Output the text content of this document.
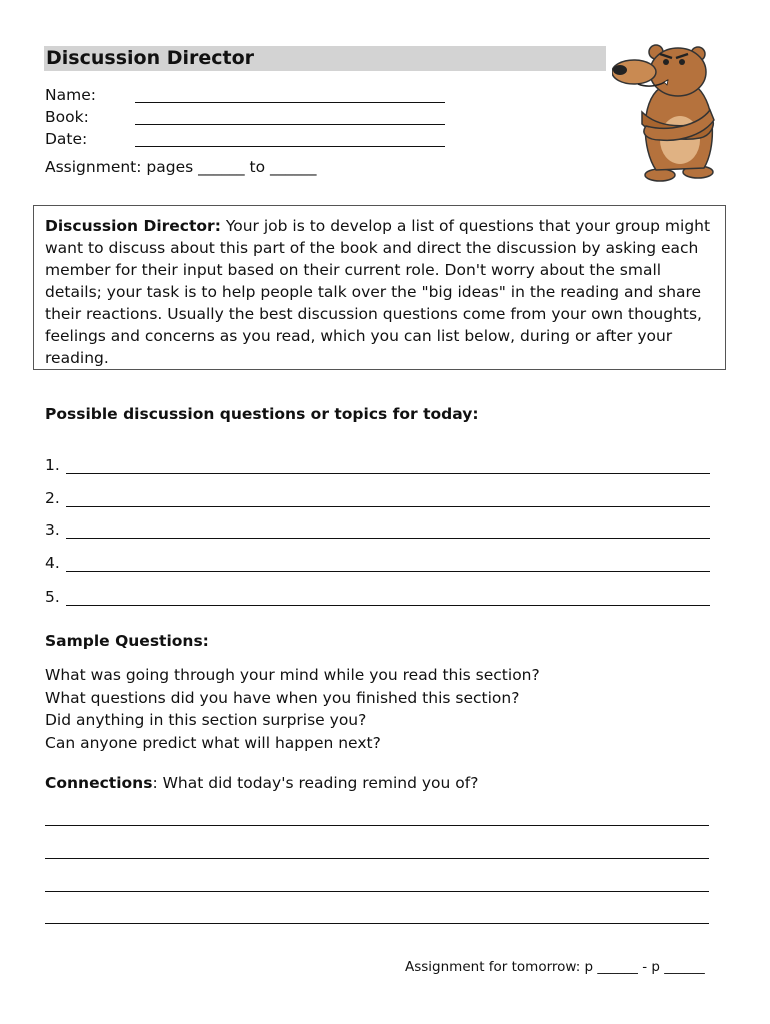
Discussion Director
Name:
Book:
Date:
Assignment: pages ______ to ______
Discussion Director: Your job is to develop a list of questions that your group might want to discuss about this part of the book and direct the discussion by asking each member for their input based on their current role. Don't worry about the small details; your task is to help people talk over the "big ideas" in the reading and share their reactions. Usually the best discussion questions come from your own thoughts, feelings and concerns as you read, which you can list below, during or after your reading.
Possible discussion questions or topics for today:
1.
2.
3.
4.
5.
Sample Questions:
What was going through your mind while you read this section?
What questions did you have when you finished this section?
Did anything in this section surprise you?
Can anyone predict what will happen next?
Connections: What did today's reading remind you of?
Assignment for tomorrow: p ______ - p ______
